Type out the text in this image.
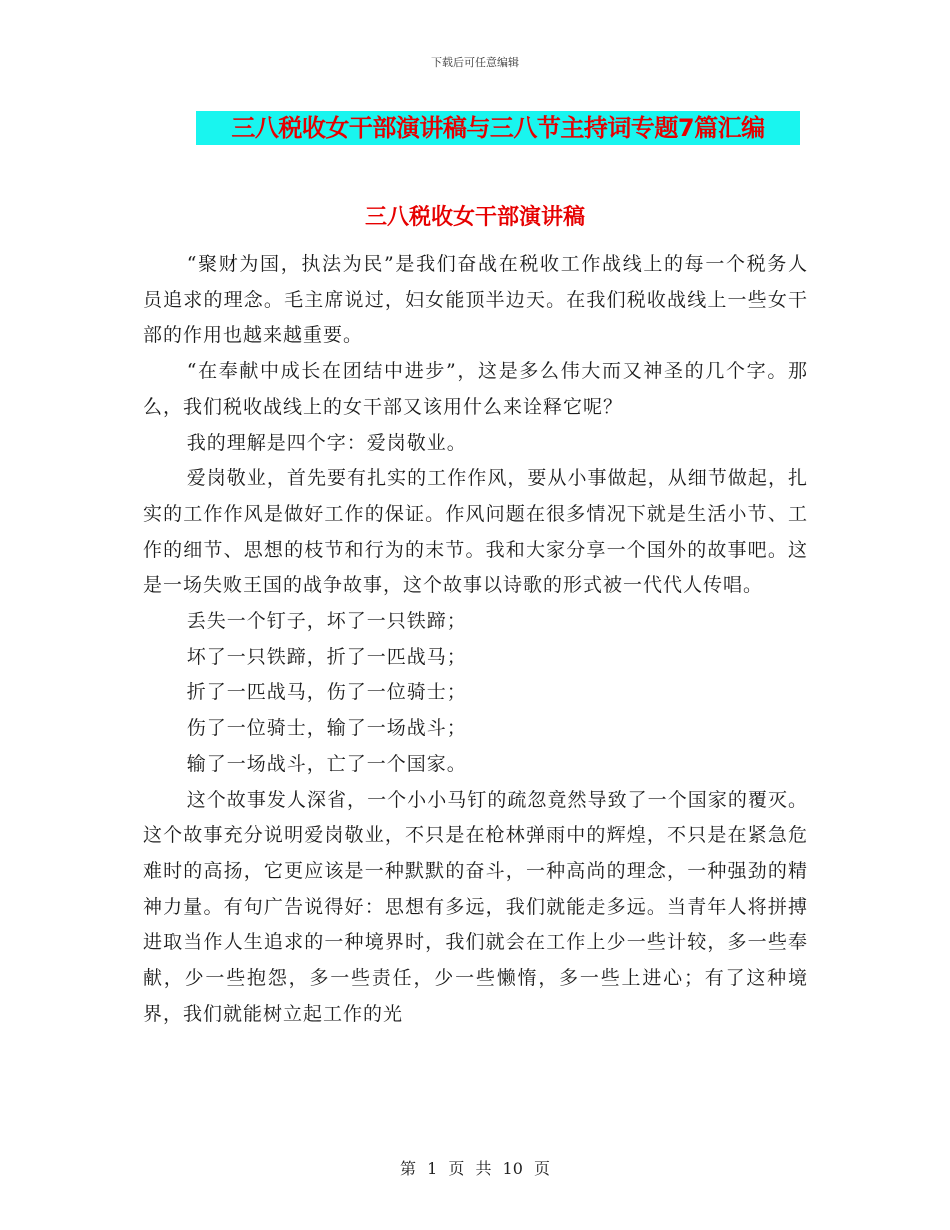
下载后可任意编辑
三八税收女干部演讲稿与三八节主持词专题7篇汇编
三八税收女干部演讲稿

“聚财为国，执法为民”是我们奋战在税收工作战线上的每一个税务人员追求的理念。毛主席说过，妇女能顶半边天。在我们税收战线上一些女干部的作用也越来越重要。

“在奉献中成长在团结中进步”，这是多么伟大而又神圣的几个字。那么，我们税收战线上的女干部又该用什么来诠释它呢？

我的理解是四个字：爱岗敬业。

爱岗敬业，首先要有扎实的工作作风，要从小事做起，从细节做起，扎实的工作作风是做好工作的保证。作风问题在很多情况下就是生活小节、工作的细节、思想的枝节和行为的末节。我和大家分享一个国外的故事吧。这是一场失败王国的战争故事，这个故事以诗歌的形式被一代代人传唱。

丢失一个钉子，坏了一只铁蹄；

坏了一只铁蹄，折了一匹战马；

折了一匹战马，伤了一位骑士；

伤了一位骑士，输了一场战斗；

输了一场战斗，亡了一个国家。

这个故事发人深省，一个小小马钉的疏忽竟然导致了一个国家的覆灭。这个故事充分说明爱岗敬业，不只是在枪林弹雨中的辉煌，不只是在紧急危难时的高扬，它更应该是一种默默的奋斗，一种高尚的理念，一种强劲的精神力量。有句广告说得好：思想有多远，我们就能走多远。当青年人将拼搏进取当作人生追求的一种境界时，我们就会在工作上少一些计较，多一些奉献，少一些抱怨，多一些责任，少一些懒惰，多一些上进心；有了这种境界，我们就能树立起工作的光

第 1 页 共 10 页
